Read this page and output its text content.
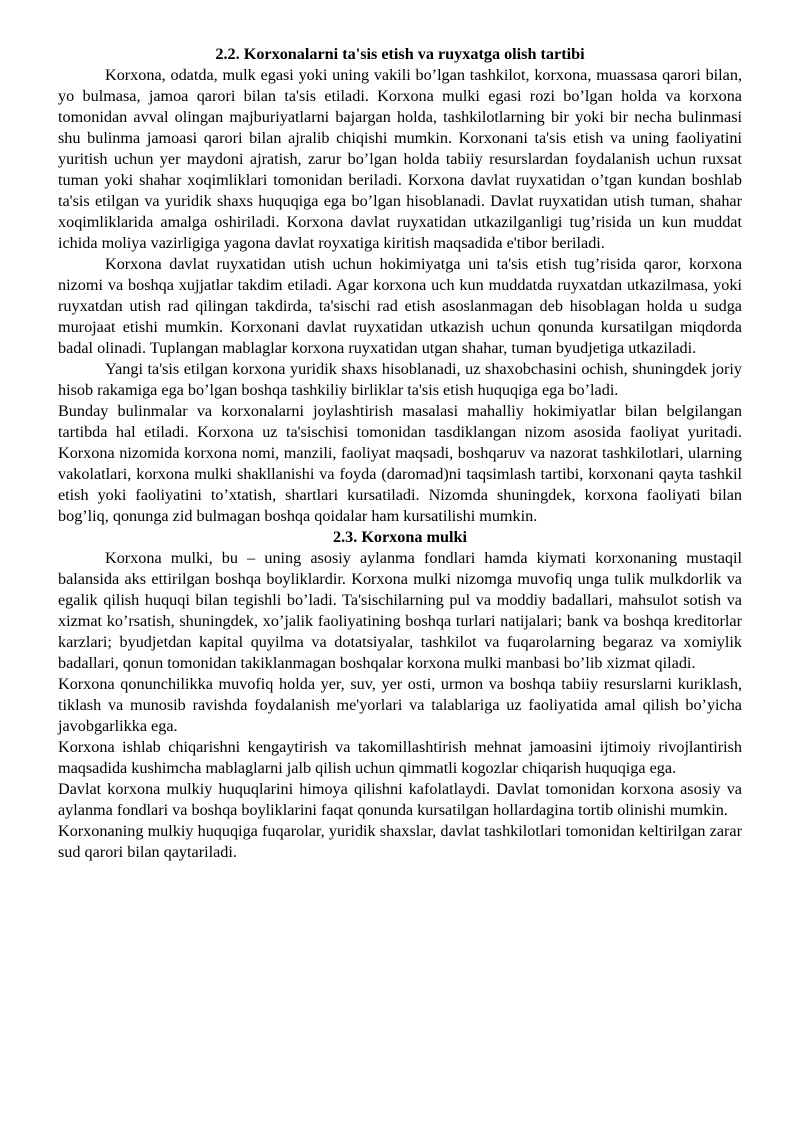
2.2. Korxonalarni ta'sis etish va ruyxatga olish tartibi

Korxona, odatda, mulk egasi yoki uning vakili bo’lgan tashkilot, korxona, muassasa qarori bilan, yo bulmasa, jamoa qarori bilan ta'sis etiladi. Korxona mulki egasi rozi bo’lgan holda va korxona tomonidan avval olingan majburiyatlarni bajargan holda, tashkilotlarning bir yoki bir necha bulinmasi shu bulinma jamoasi qarori bilan ajralib chiqishi mumkin. Korxonani ta'sis etish va uning faoliyatini yuritish uchun yer maydoni ajratish, zarur bo’lgan holda tabiiy resurslardan foydalanish uchun ruxsat tuman yoki shahar xoqimliklari tomonidan beriladi. Korxona davlat ruyxatidan o’tgan kundan boshlab ta'sis etilgan va yuridik shaxs huquqiga ega bo’lgan hisoblanadi. Davlat ruyxatidan utish tuman, shahar xoqimliklarida amalga oshiriladi. Korxona davlat ruyxatidan utkazilganligi tug’risida un kun muddat ichida moliya vazirligiga yagona davlat royxatiga kiritish maqsadida e'tibor beriladi.

Korxona davlat ruyxatidan utish uchun hokimiyatga uni ta'sis etish tug’risida qaror, korxona nizomi va boshqa xujjatlar takdim etiladi. Agar korxona uch kun muddatda ruyxatdan utkazilmasa, yoki ruyxatdan utish rad qilingan takdirda, ta'sischi rad etish asoslanmagan deb hisoblagan holda u sudga murojaat etishi mumkin. Korxonani davlat ruyxatidan utkazish uchun qonunda kursatilgan miqdorda badal olinadi. Tuplangan mablaglar korxona ruyxatidan utgan shahar, tuman byudjetiga utkaziladi.

Yangi ta'sis etilgan korxona yuridik shaxs hisoblanadi, uz shaxobchasini ochish, shuningdek joriy hisob rakamiga ega bo’lgan boshqa tashkiliy birliklar ta'sis etish huquqiga ega bo’ladi.

Bunday bulinmalar va korxonalarni joylashtirish masalasi mahalliy hokimiyatlar bilan belgilangan tartibda hal etiladi. Korxona uz ta'sischisi tomonidan tasdiklangan nizom asosida faoliyat yuritadi. Korxona nizomida korxona nomi, manzili, faoliyat maqsadi, boshqaruv va nazorat tashkilotlari, ularning vakolatlari, korxona mulki shakllanishi va foyda (daromad)ni taqsimlash tartibi, korxonani qayta tashkil etish yoki faoliyatini to’xtatish, shartlari kursatiladi. Nizomda shuningdek, korxona faoliyati bilan bog’liq, qonunga zid bulmagan boshqa qoidalar ham kursatilishi mumkin.

2.3. Korxona mulki

Korxona mulki, bu – uning asosiy aylanma fondlari hamda kiymati korxonaning mustaqil balansida aks ettirilgan boshqa boyliklardir. Korxona mulki nizomga muvofiq unga tulik mulkdorlik va egalik qilish huquqi bilan tegishli bo’ladi. Ta'sischilarning pul va moddiy badallari, mahsulot sotish va xizmat ko’rsatish, shuningdek, xo’jalik faoliyatining boshqa turlari natijalari; bank va boshqa kreditorlar karzlari; byudjetdan kapital quyilma va dotatsiyalar, tashkilot va fuqarolarning begaraz va xomiylik badallari, qonun tomonidan takiklanmagan boshqalar korxona mulki manbasi bo’lib xizmat qiladi.

Korxona qonunchilikka muvofiq holda yer, suv, yer osti, urmon va boshqa tabiiy resurslarni kuriklash, tiklash va munosib ravishda foydalanish me'yorlari va talablariga uz faoliyatida amal qilish bo’yicha javobgarlikka ega.

Korxona ishlab chiqarishni kengaytirish va takomillashtirish mehnat jamoasini ijtimoiy rivojlantirish maqsadida kushimcha mablaglarni jalb qilish uchun qimmatli kogozlar chiqarish huquqiga ega.

Davlat korxona mulkiy huquqlarini himoya qilishni kafolatlaydi. Davlat tomonidan korxona asosiy va aylanma fondlari va boshqa boyliklarini faqat qonunda kursatilgan hollardagina tortib olinishi mumkin.

Korxonaning mulkiy huquqiga fuqarolar, yuridik shaxslar, davlat tashkilotlari tomonidan keltirilgan zarar sud qarori bilan qaytariladi.
